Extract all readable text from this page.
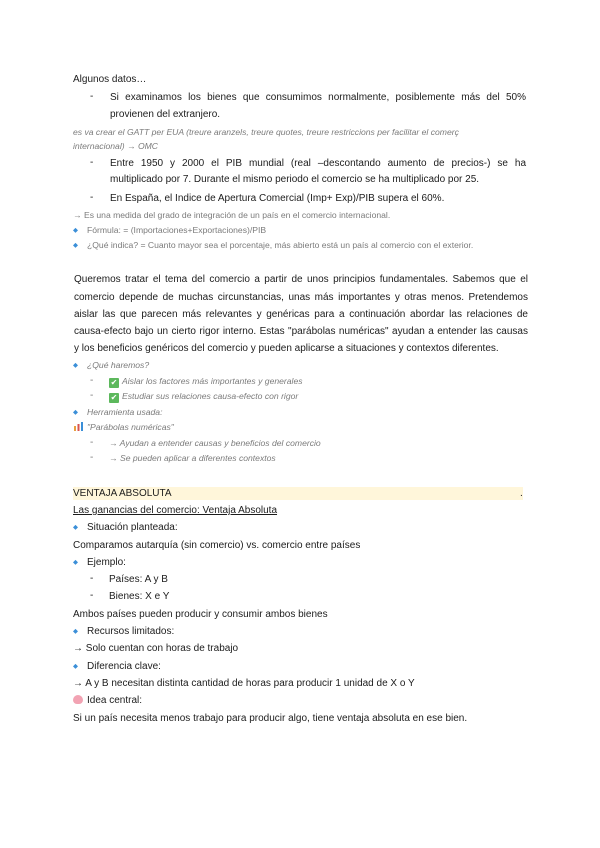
Algunos datos…
- Si examinamos los bienes que consumimos normalmente, posiblemente más del 50%
provienen del extranjero.
es va crear el GATT per EUA (treure aranzels, treure quotes, treure restriccions per facilitar el comerç
internacional) → OMC
- Entre 1950 y 2000 el PIB mundial (real –descontando aumento de precios-) se ha
multiplicado por 7. Durante el mismo periodo el comercio se ha multiplicado por 25.
- En España, el Indice de Apertura Comercial (Imp+ Exp)/PIB supera el 60%.
→ Es una medida del grado de integración de un país en el comercio internacional.
◆ Fórmula: = (Importaciones+Exportaciones)/PIB
◆ ¿Qué indica? = Cuanto mayor sea el porcentaje, más abierto está un país al comercio con el exterior.
Queremos tratar el tema del comercio a partir de unos principios fundamentales. Sabemos que el
comercio depende de muchas circunstancias, unas más importantes y otras menos. Pretendemos
aislar las que parecen más relevantes y genéricas para a continuación abordar las relaciones de
causa-efecto bajo un cierto rigor interno. Estas "parábolas numéricas" ayudan a entender las causas
y los beneficios genéricos del comercio y pueden aplicarse a situaciones y contextos diferentes.
◆ ¿Qué haremos?
- ✔ Aislar los factores más importantes y generales
- ✔ Estudiar sus relaciones causa-efecto con rigor
◆ Herramienta usada:
"Parábolas numéricas"
- → Ayudan a entender causas y beneficios del comercio
- → Se pueden aplicar a diferentes contextos
VENTAJA ABSOLUTA	.
Las ganancias del comercio: Ventaja Absoluta
◆ Situación planteada:
Comparamos autarquía (sin comercio) vs. comercio entre países
◆ Ejemplo:
- Países: A y B
- Bienes: X e Y
Ambos países pueden producir y consumir ambos bienes
◆ Recursos limitados:
→ Solo cuentan con horas de trabajo
◆ Diferencia clave:
→ A y B necesitan distinta cantidad de horas para producir 1 unidad de X o Y
Idea central:
Si un país necesita menos trabajo para producir algo, tiene ventaja absoluta en ese bien.
